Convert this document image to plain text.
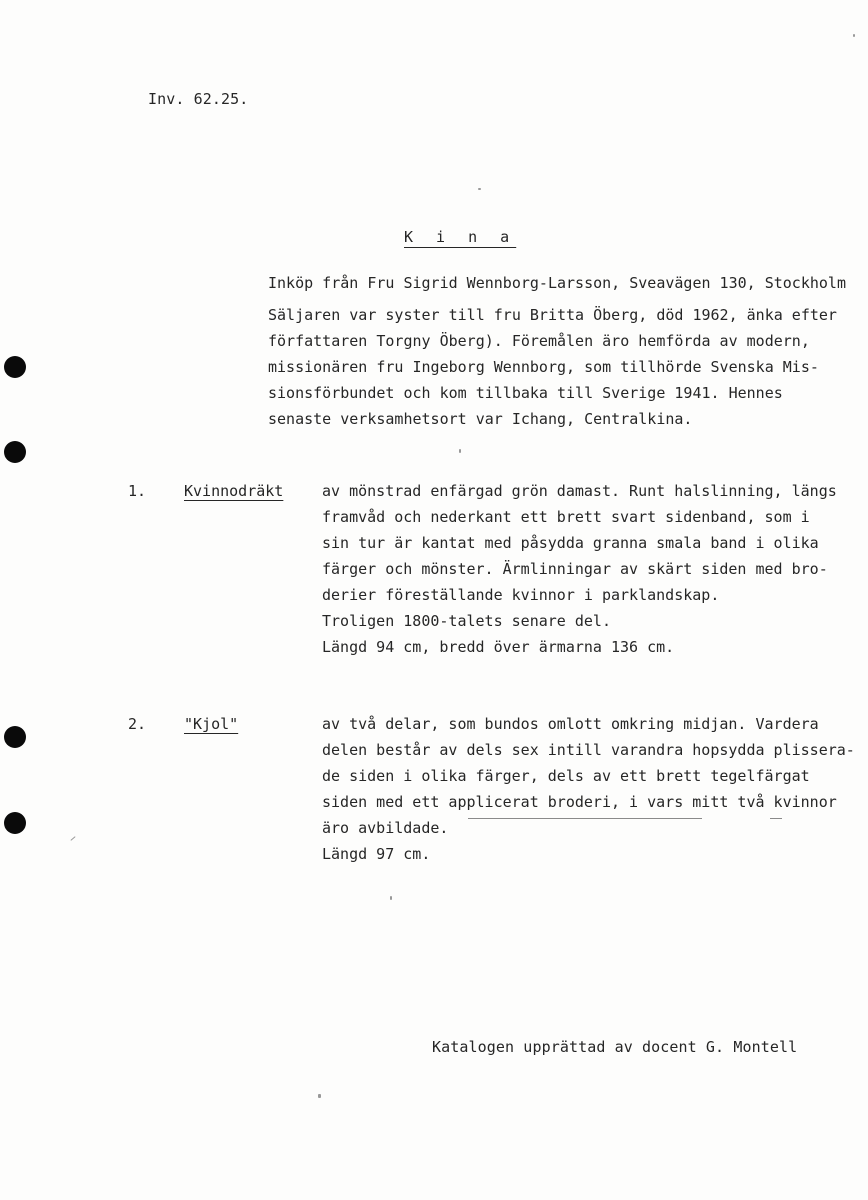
Inv. 62.25.
K i n a
Inköp från Fru Sigrid Wennborg-Larsson, Sveavägen 130, Stockholm
Säljaren var syster till fru Britta Öberg, död 1962, änka efter
författaren Torgny Öberg). Föremålen äro hemförda av modern,
missionären fru Ingeborg Wennborg, som tillhörde Svenska Mis-
sionsförbundet och kom tillbaka till Sverige 1941. Hennes
senaste verksamhetsort var Ichang, Centralkina.
1.	Kvinnodräkt	av mönstrad enfärgad grön damast. Runt halslinning, längs
framvåd och nederkant ett brett svart sidenband, som i
sin tur är kantat med påsydda granna smala band i olika
färger och mönster. Ärmlinningar av skärt siden med bro-
derier föreställande kvinnor i parklandskap.
Troligen 1800-talets senare del.
Längd 94 cm, bredd över ärmarna 136 cm.
2.	"Kjol"	av två delar, som bundos omlott omkring midjan. Vardera
delen består av dels sex intill varandra hopsydda plissera-
de siden i olika färger, dels av ett brett tegelfärgat
siden med ett applicerat broderi, i vars mitt två kvinnor
äro avbildade.
Längd 97 cm.
Katalogen upprättad av docent G. Montell
